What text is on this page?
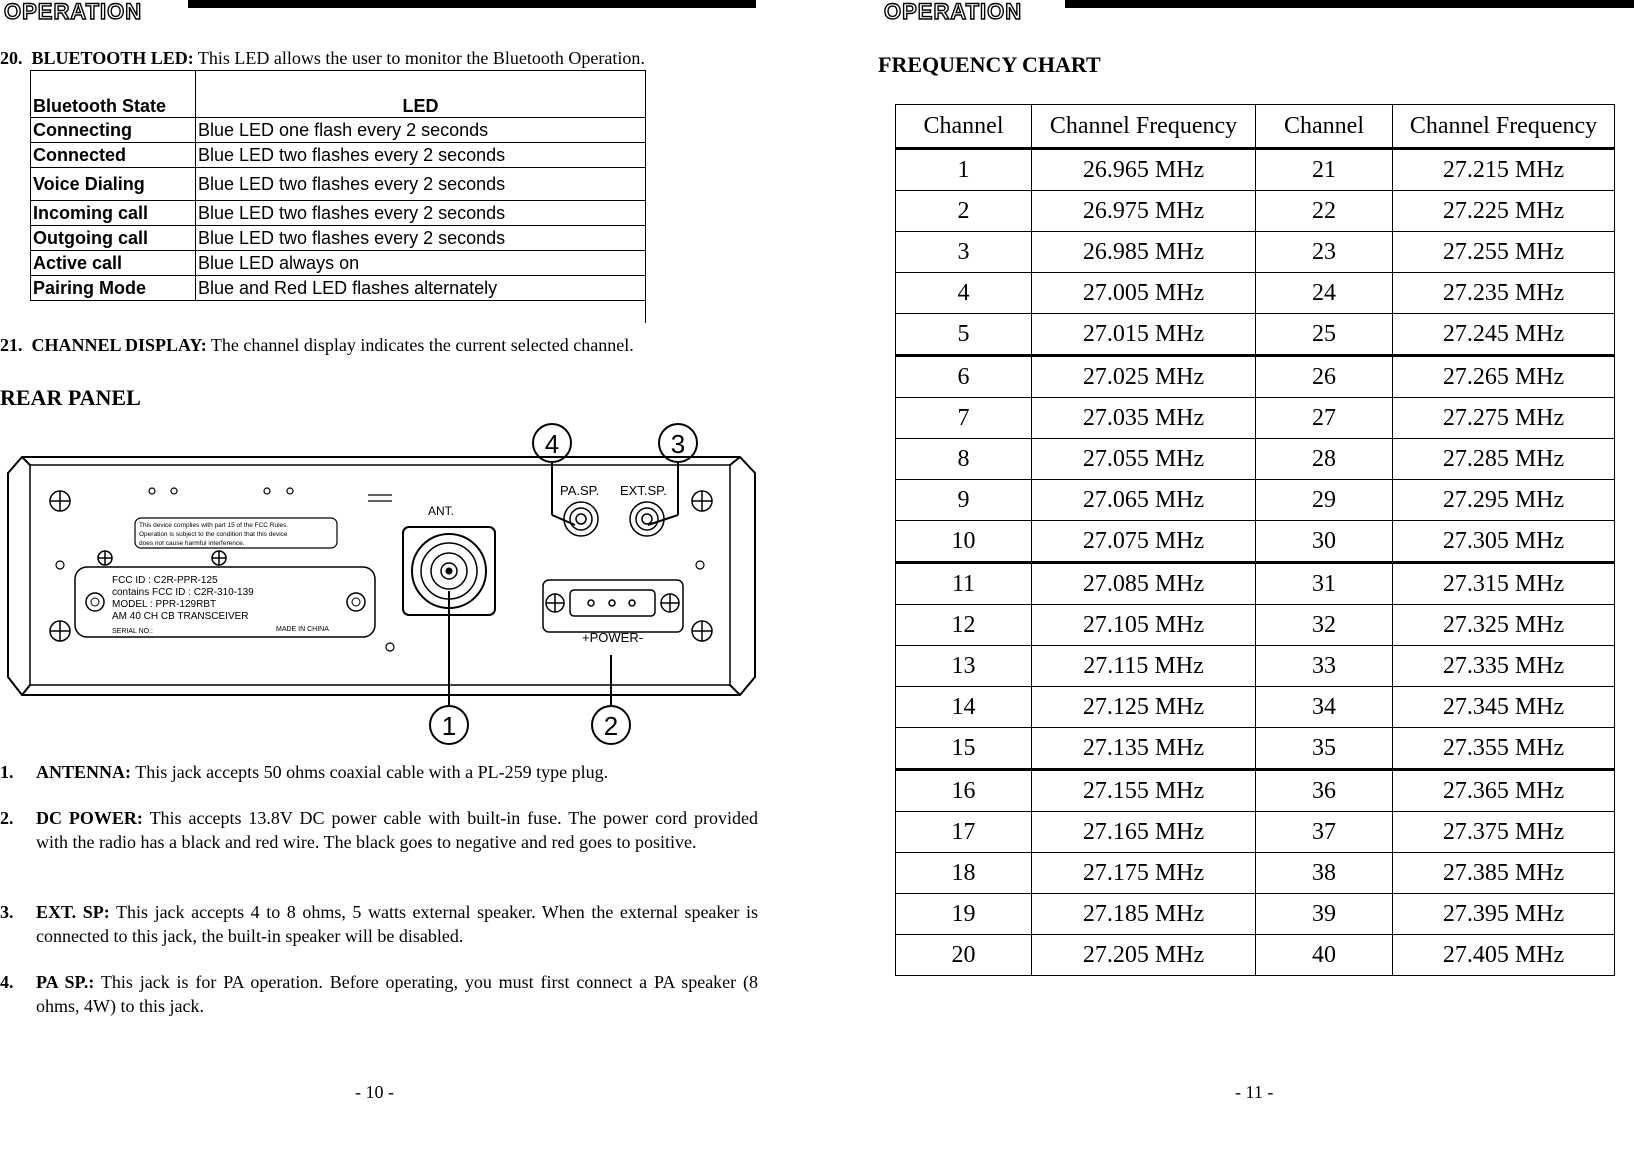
OPERATION
20. BLUETOOTH LED: This LED allows the user to monitor the Bluetooth Operation.
Bluetooth State	LED
Connecting	Blue LED one flash every 2 seconds
Connected	Blue LED two flashes every 2 seconds
Voice Dialing	Blue LED two flashes every 2 seconds
Incoming call	Blue LED two flashes every 2 seconds
Outgoing call	Blue LED two flashes every 2 seconds
Active call	Blue LED always on
Pairing Mode	Blue and Red LED flashes alternately

21. CHANNEL DISPLAY: The channel display indicates the current selected channel.
REAR PANEL
4	3
1	2
This device complies with part 15 of the FCC Rules.
Operation is subject to the condition that this device
does not cause harmful interference.
FCC ID : C2R-PPR-125
contains FCC ID : C2R-310-139
MODEL : PPR-129RBT
AM 40 CH CB TRANSCEIVER
SERIAL NO.:	MADE IN CHINA
ANT.
PA.SP. EXT.SP.
+POWER-
1. ANTENNA: This jack accepts 50 ohms coaxial cable with a PL-259 type plug.
2. DC POWER: This accepts 13.8V DC power cable with built-in fuse. The power cord provided with the radio has a black and red wire. The black goes to negative and red goes to positive.
3. EXT. SP: This jack accepts 4 to 8 ohms, 5 watts external speaker. When the external speaker is connected to this jack, the built-in speaker will be disabled.
4. PA SP.: This jack is for PA operation. Before operating, you must first connect a PA speaker (8 ohms, 4W) to this jack.
- 10 -
OPERATION
FREQUENCY CHART
Channel	Channel Frequency	Channel	Channel Frequency
1	26.965 MHz	21	27.215 MHz
2	26.975 MHz	22	27.225 MHz
3	26.985 MHz	23	27.255 MHz
4	27.005 MHz	24	27.235 MHz
5	27.015 MHz	25	27.245 MHz
6	27.025 MHz	26	27.265 MHz
7	27.035 MHz	27	27.275 MHz
8	27.055 MHz	28	27.285 MHz
9	27.065 MHz	29	27.295 MHz
10	27.075 MHz	30	27.305 MHz
11	27.085 MHz	31	27.315 MHz
12	27.105 MHz	32	27.325 MHz
13	27.115 MHz	33	27.335 MHz
14	27.125 MHz	34	27.345 MHz
15	27.135 MHz	35	27.355 MHz
16	27.155 MHz	36	27.365 MHz
17	27.165 MHz	37	27.375 MHz
18	27.175 MHz	38	27.385 MHz
19	27.185 MHz	39	27.395 MHz
20	27.205 MHz	40	27.405 MHz
- 11 -
